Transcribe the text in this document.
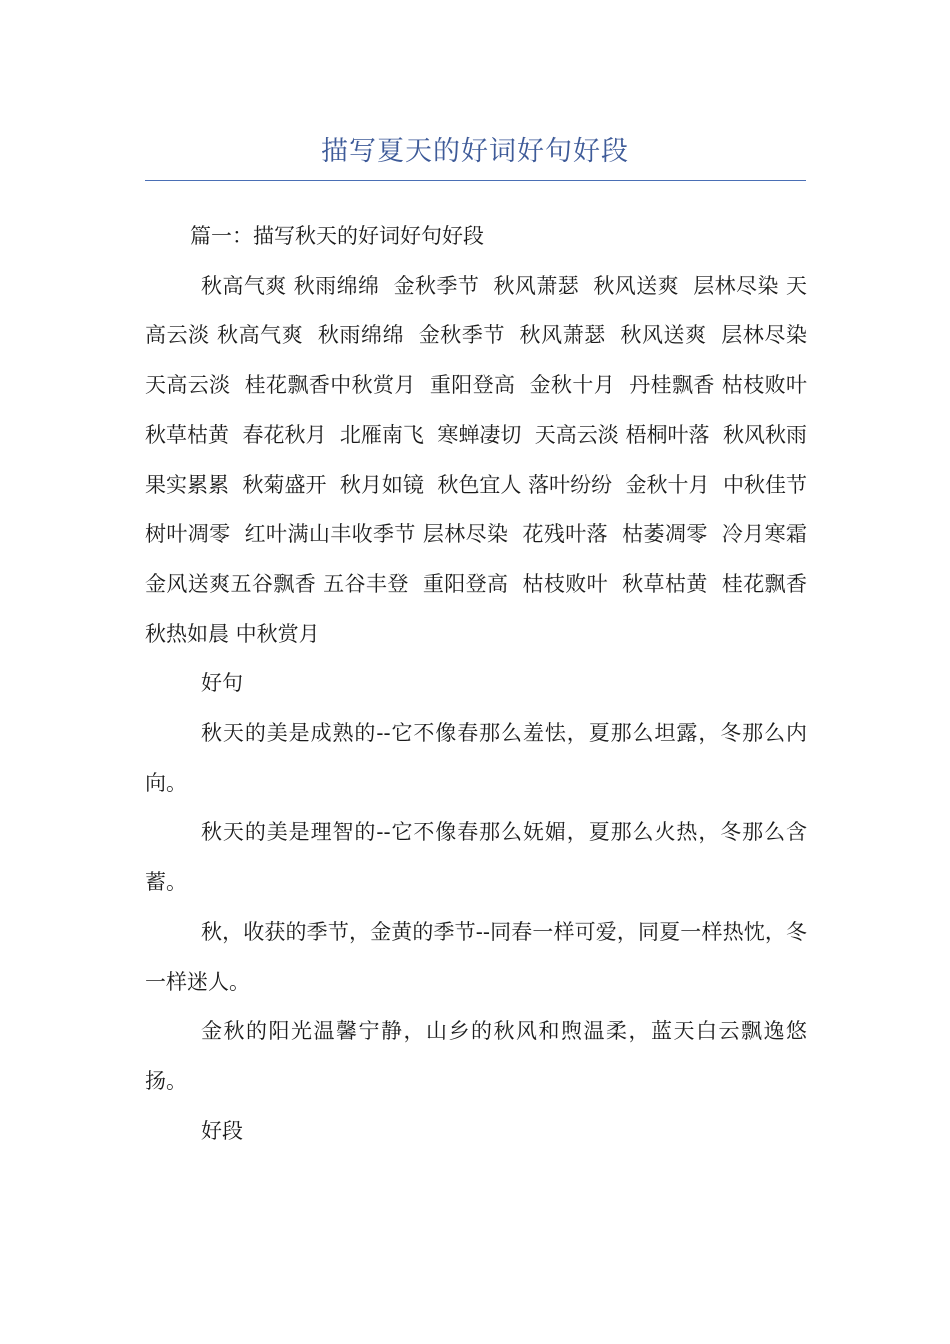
描写夏天的好词好句好段

篇一：描写秋天的好词好句好段

秋高气爽 秋雨绵绵  金秋季节  秋风萧瑟  秋风送爽  层林尽染 天高云淡 秋高气爽  秋雨绵绵  金秋季节  秋风萧瑟  秋风送爽  层林尽染 天高云淡  桂花飘香中秋赏月  重阳登高  金秋十月  丹桂飘香 枯枝败叶  秋草枯黄  春花秋月  北雁南飞  寒蝉凄切  天高云淡 梧桐叶落  秋风秋雨  果实累累  秋菊盛开  秋月如镜  秋色宜人 落叶纷纷  金秋十月  中秋佳节树叶凋零  红叶满山丰收季节 层林尽染  花残叶落  枯萎凋零  冷月寒霜  金风送爽五谷飘香 五谷丰登  重阳登高  枯枝败叶  秋草枯黄  桂花飘香秋热如晨 中秋赏月

好句

秋天的美是成熟的--它不像春那么羞怯，夏那么坦露，冬那么内向。

秋天的美是理智的--它不像春那么妩媚，夏那么火热，冬那么含蓄。

秋，收获的季节，金黄的季节--同春一样可爱，同夏一样热忱，冬一样迷人。

金秋的阳光温馨宁静，山乡的秋风和煦温柔，蓝天白云飘逸悠扬。

好段
